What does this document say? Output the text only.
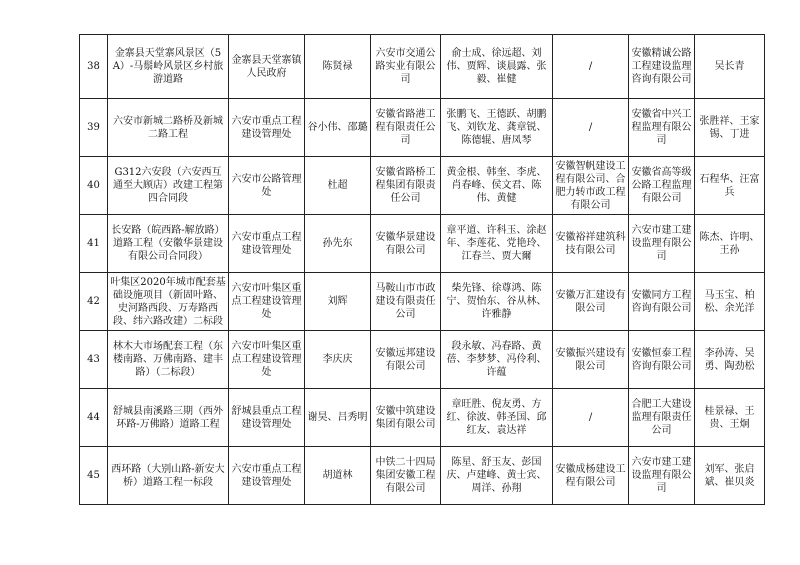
38	金寨县天堂寨风景区（5A）-马鬃岭风景区乡村旅游道路	金寨县天堂寨镇人民政府	陈贤禄	六安市交通公路实业有限公司	俞士成、徐远超、刘伟、贾辉、谈晨露、张毅、崔健	/	安徽精诚公路工程建设监理咨询有限公司	吴长青
39	六安市新城二路桥及新城二路工程	六安市重点工程建设管理处	谷小伟、邵璐	安徽省路港工程有限责任公司	张鹏飞、王德跃、胡鹏飞、刘钦龙、龚章锐、陈德辊、唐凤琴	/	安徽省中兴工程监理有限公司	张胜祥、王家锡、丁进
40	G312六安段（六安西互通至大顾店）改建工程第四合同段	六安市公路管理处	杜超	安徽省路桥工程集团有限责任公司	黄金根、韩奎、李虎、肖春峰、侯文君、陈伟、黄健	安徽智帆建设工程有限公司、合肥力转市政工程有限公司	安徽省高等级公路工程监理有限公司	石程华、汪富兵
41	长安路（皖西路-解放路）道路工程（安徽华景建设有限公司合同段）	六安市重点工程建设管理处	孙先东	安徽华景建设有限公司	章平道、许科玉、涂赵年、李莲花、党艳玲、江春兰、贾大爾	安徽裕祥建筑科技有限公司	六安市建工建设监理有限公司	陈杰、许明、王孙
42	叶集区2020年城市配套基础设施项目（新固叶路、史河路西段、万寿路西段、纬六路改建）二标段	六安市叶集区重点工程建设管理处	刘辉	马鞍山市市政建设有限责任公司	柴先锋、徐尊鸿、陈宁、贺怡东、谷从林、许雅静	安徽万汇建设有限公司	安徽同方工程咨询有限公司	马玉宝、柏松、余光洋
43	林木大市场配套工程（东楼南路、万佛南路、建丰路）（二标段）	六安市叶集区重点工程建设管理处	李庆庆	安徽远邦建设有限公司	段永敏、冯春路、黄蓓、李梦梦、冯伶利、许蕴	安徽振兴建设有限公司	安徽恒泰工程咨询有限公司	李孙涛、吴勇、陶劲松
44	舒城县南溪路三期（西外环路-万佛路）道路工程	舒城县重点工程建设管理处	谢昊、吕秀明	安徽中筑建设集团有限公司	章旺胜、倪友勇、方红、徐波、韩圣国、邱红友、袁达祥	/	合肥工大建设监理有限责任公司	桂景禄、王贵、王炯
45	西环路（大别山路-新安大桥）道路工程一标段	六安市重点工程建设管理处	胡道林	中铁二十四局集团安徽工程有限公司	陈星、舒玉友、彭国庆、卢建峰、黄士宾、周洋、孙翔	安徽成杨建设工程有限公司	六安市建工建设监理有限公司	刘军、张启斌、崔贝炎
